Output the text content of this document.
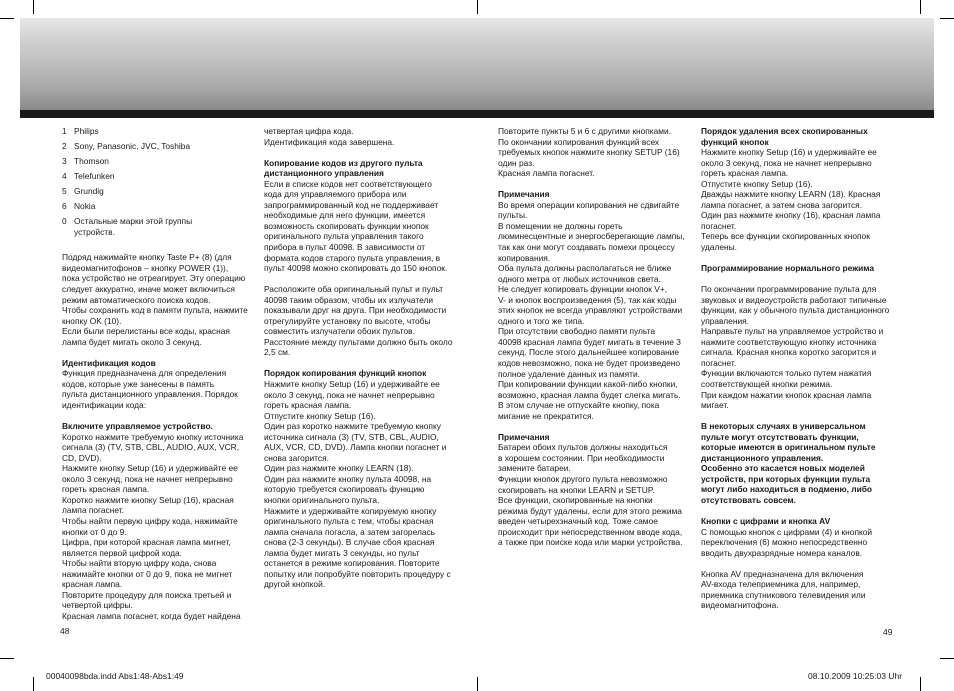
1 Philips
2 Sony, Panasonic, JVC, Toshiba
3 Thomson
4 Telefunken
5 Grundig
6 Nokia
0 Остальные марки этой группы устройств.

Подряд нажимайте кнопку Taste P+ (8) (для
видеомагнитофонов – кнопку POWER (1)),
пока устройство не отреагирует. Эту операцию
следует аккуратно, иначе может включиться
режим автоматического поиска кодов.
Чтобы сохранить код в памяти пульта, нажмите
кнопку OK (10).
Если были перелистаны все коды, красная
лампа будет мигать около 3 секунд.

Идентификация кодов

Функция предназначена для определения
кодов, которые уже занесены в память
пульта дистанционного управления. Порядок
идентификации кода:

Включите управляемое устройство.

Коротко нажмите требуемую кнопку источника
сигнала (3) (TV, STB, CBL, AUDIO, AUX, VCR,
CD, DVD).
Нажмите кнопку Setup (16) и удерживайте ее
около 3 секунд, пока не начнет непрерывно
гореть красная лампа.
Коротко нажмите кнопку Setup (16), красная
лампа погаснет.
Чтобы найти первую цифру кода, нажимайте
кнопки от 0 до 9.
Цифра, при которой красная лампа мигнет,
является первой цифрой кода.
Чтобы найти вторую цифру кода, снова
нажимайте кнопки от 0 до 9, пока не мигнет
красная лампа.
Повторите процедуру для поиска третьей и
четвертой цифры.
Красная лампа погаснет, когда будет найдена

четвертая цифра кода.
Идентификация кода завершена.

Копирование кодов из другого пульта
дистанционного управления

Если в списке кодов нет соответствующего
кода для управляемого прибора или
запрограммированный код не поддерживает
необходимые для него функции, имеется
возможность скопировать функции кнопок
оригинального пульта управления такого
прибора в пульт 40098. В зависимости от
формата кодов старого пульта управления, в
пульт 40098 можно скопировать до 150 кнопок.

Расположите оба оригинальный пульт и пульт
40098 таким образом, чтобы их излучатели
показывали друг на друга. При необходимости
отрегулируйте установку по высоте, чтобы
совместить излучатели обоих пультов.
Расстояние между пультами должно быть около
2,5 см.

Порядок копирования функций кнопок

Нажмите кнопку Setup (16) и удерживайте ее
около 3 секунд, пока не начнет непрерывно
гореть красная лампа.
Отпустите кнопку Setup (16).
Один раз коротко нажмите требуемую кнопку
источника сигнала (3) (TV, STB, CBL, AUDIO,
AUX, VCR, CD, DVD). Лампа кнопки погаснет и
снова загорится.
Один раз нажмите кнопку LEARN (18).
Один раз нажмите кнопку пульта 40098, на
которую требуется скопировать функцию
кнопки оригинального пульта.
Нажмите и удерживайте копируемую кнопку
оригинального пульта с тем, чтобы красная
лампа сначала погасла, а затем загорелась
снова (2-3 секунды). В случае сбоя красная
лампа будет мигать 3 секунды, но пульт
останется в режиме копирования. Повторите
попытку или попробуйте повторить процедуру с
другой кнопкой.

Повторите пункты 5 и 6 с другими кнопками.
По окончании копирования функций всех
требуемых кнопок нажмите кнопку SETUP (16)
один раз.
Красная лампа погаснет.

Примечания

Во время операции копирования не сдвигайте
пульты.
В помещении не должны гореть
люминесцентные и энергосберегающие лампы,
так как они могут создавать помехи процессу
копирования.
Оба пульта должны располагаться не ближе
одного метра от любых источников света.
Не следует копировать функции кнопок V+,
V- и кнопок воспроизведения (5), так как коды
этих кнопок не всегда управляют устройствами
одного и того же типа.
При отсутствии свободно памяти пульта
40098 красная лампа будет мигать в течение 3
секунд. После этого дальнейшее копирование
кодов невозможно, пока не будет произведено
полное удаление данных из памяти.
При копировании функции какой-либо кнопки,
возможно, красная лампа будет слегка мигать.
В этом случае не отпускайте кнопку, пока
мигание не прекратится.

Примечания

Батареи обоих пультов должны находиться
в хорошем состоянии. При необходимости
замените батареи.
Функции кнопок другого пульта невозможно
скопировать на кнопки LEARN и SETUP.
Все функции, скопированные на кнопки
режима будут удалены, если для этого режима
введен четырехзначный код. Тоже самое
происходит при непосредственном вводе кода,
а также при поиске кода или марки устройства.

Порядок удаления всех скопированных
функций кнопок

Нажмите кнопку Setup (16) и удерживайте ее
около 3 секунд, пока не начнет непрерывно
гореть красная лампа.
Отпустите кнопку Setup (16).
Дважды нажмите кнопку LEARN (18). Красная
лампа погаснет, а затем снова загорится.
Один раз нажмите кнопку (16), красная лампа
погаснет.
Теперь все функции скопированных кнопок
удалены.

Программирование нормального режима

По окончании программирование пульта для
звуковых и видеоустройств работают типичные
функции, как у обычного пульта дистанционного
управления.
Направьте пульт на управляемое устройство и
нажмите соответствующую кнопку источника
сигнала. Красная кнопка коротко загорится и
погаснет.
Функции включаются только путем нажатия
соответствующей кнопки режима.
При каждом нажатии кнопок красная лампа
мигает.

В некоторых случаях в универсальном
пульте могут отсутствовать функции,
которые имеются в оригинальном пульте
дистанционного управления.
Особенно это касается новых моделей
устройств, при которых функции пульта
могут либо находиться в подменю, либо
отсутствовать совсем.

Кнопки с цифрами и кнопка AV

С помощью кнопок с цифрами (4) и кнопкой
переключения (6) можно непосредственно
вводить двухразрядные номера каналов.

Кнопка AV предназначена для включения
AV-входа телеприемника для, например,
приемника спутникового телевидения или
видеомагнитофона.

48	49
00040098bda.indd Abs1:48-Abs1:49	08.10.2009 10:25:03 Uhr
